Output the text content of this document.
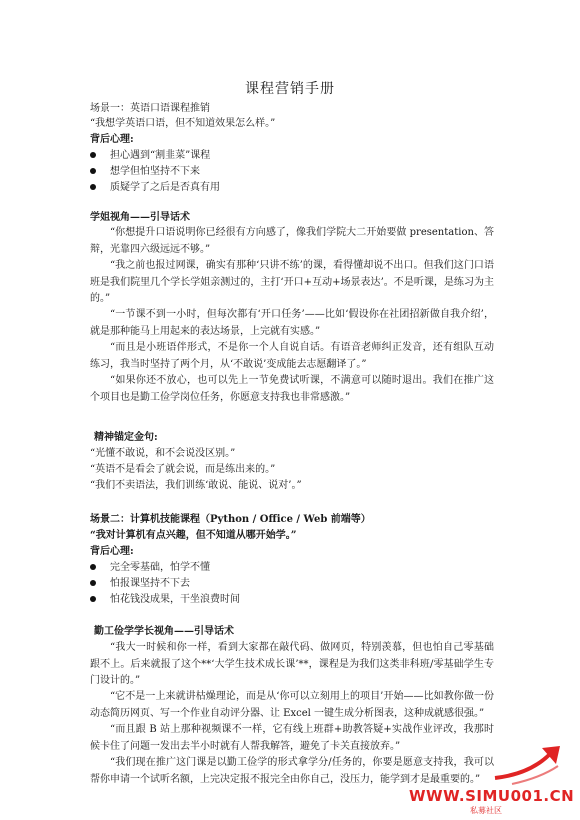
课程营销手册
场景一：英语口语课程推销
“我想学英语口语，但不知道效果怎么样。”
背后心理:
担心遇到“割韭菜”课程
想学但怕坚持不下来
质疑学了之后是否真有用
学姐视角——引导话术
“你想提升口语说明你已经很有方向感了，像我们学院大二开始要做 presentation、答辩，光靠四六级远远不够。”
“我之前也报过网课，确实有那种‘只讲不练’的课，看得懂却说不出口。但我们这门口语班是我们院里几个学长学姐亲测过的，主打‘开口+互动+场景表达’。不是听课，是练习为主的。”
“一节课不到一小时，但每次都有‘开口任务’——比如‘假设你在社团招新做自我介绍’，就是那种能马上用起来的表达场景，上完就有实感。”
“而且是小班语伴形式，不是你一个人自说自话。有语音老师纠正发音，还有组队互动练习，我当时坚持了两个月，从‘不敢说’变成能去志愿翻译了。”
“如果你还不放心，也可以先上一节免费试听课，不满意可以随时退出。我们在推广这个项目也是勤工俭学岗位任务，你愿意支持我也非常感激。”
精神锚定金句:
“光懂不敢说，和不会说没区别。”
“英语不是看会了就会说，而是练出来的。”
“我们不卖语法，我们训练‘敢说、能说、说对’。”
场景二：计算机技能课程（Python / Office / Web 前端等）
“我对计算机有点兴趣，但不知道从哪开始学。”
背后心理:
完全零基础，怕学不懂
怕报课坚持不下去
怕花钱没成果，干坐浪费时间
勤工俭学学长视角——引导话术
“我大一时候和你一样，看到大家都在敲代码、做网页，特别羡慕，但也怕自己零基础跟不上。后来就报了这个**‘大学生技术成长课’**，课程是为我们这类非科班/零基础学生专门设计的。”
“它不是一上来就讲枯燥理论，而是从‘你可以立刻用上的项目’开始——比如教你做一份动态简历网页、写一个作业自动评分器、让 Excel 一键生成分析图表，这种成就感很强。”
“而且跟 B 站上那种视频课不一样，它有线上班群+助教答疑+实战作业评改，我那时候卡住了问题一发出去半小时就有人帮我解答，避免了卡关直接放弃。”
“我们现在推广这门课是以勤工俭学的形式拿学分/任务的，你要是愿意支持我，我可以帮你申请一个试听名额，上完决定报不报完全由你自己，没压力，能学到才是最重要的。”
WWW.SIMU001.CN
私募社区
